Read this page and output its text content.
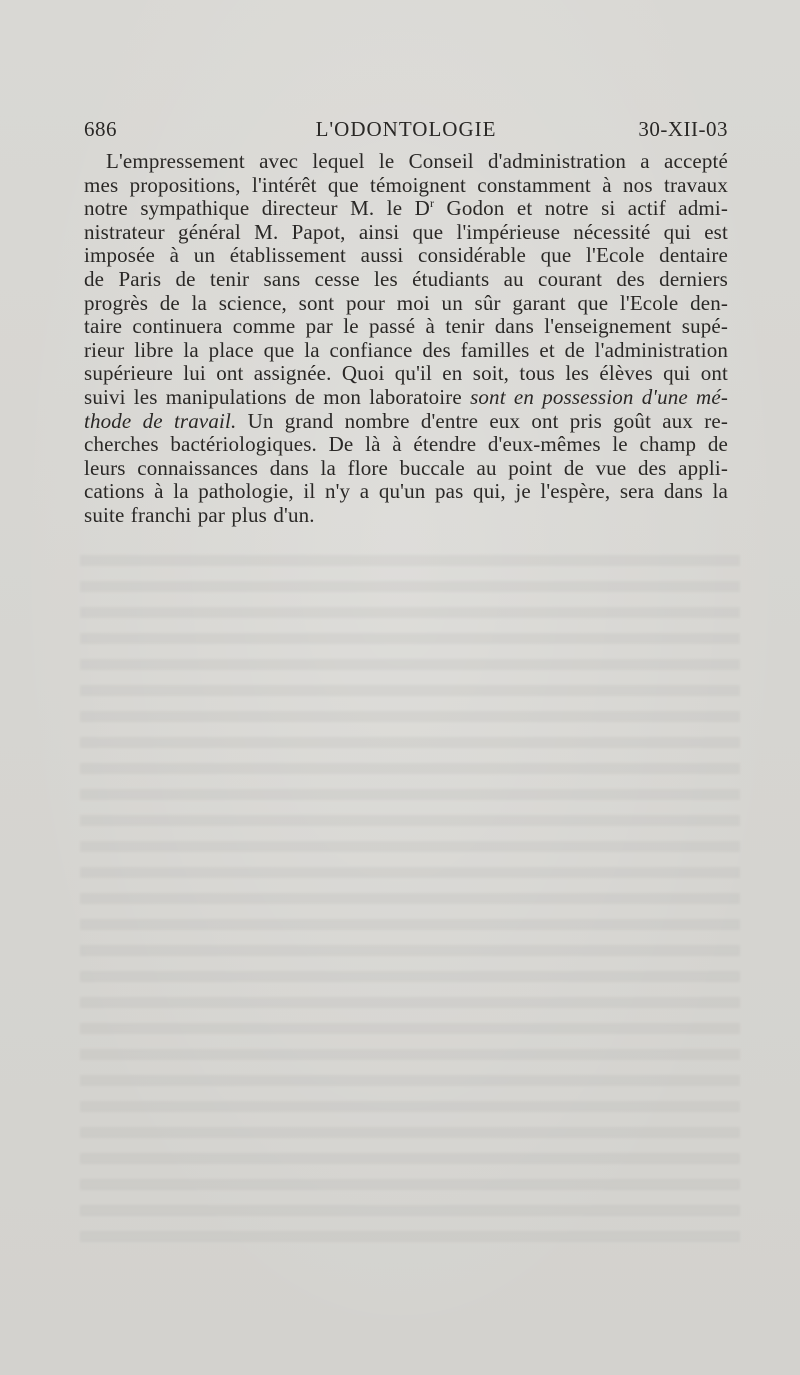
686	L'ODONTOLOGIE	30-XII-03
L'empressement avec lequel le Conseil d'administration a accepté
mes propositions, l'intérêt que témoignent constamment à nos travaux
notre sympathique directeur M. le $D^r$ Godon et notre si actif admi-
nistrateur général M. Papot, ainsi que l'impérieuse nécessité qui est
imposée à un établissement aussi considérable que l'Ecole dentaire
de Paris de tenir sans cesse les étudiants au courant des derniers
progrès de la science, sont pour moi un sûr garant que l'Ecole den-
taire continuera comme par le passé à tenir dans l'enseignement supé-
rieur libre la place que la confiance des familles et de l'administration
supérieure lui ont assignée. Quoi qu'il en soit, tous les élèves qui ont
suivi les manipulations de mon laboratoire sont en possession d'une mé-
thode de travail. Un grand nombre d'entre eux ont pris goût aux re-
cherches bactériologiques. De là à étendre d'eux-mêmes le champ de
leurs connaissances dans la flore buccale au point de vue des appli-
cations à la pathologie, il n'y a qu'un pas qui, je l'espère, sera dans la
suite franchi par plus d'un.
